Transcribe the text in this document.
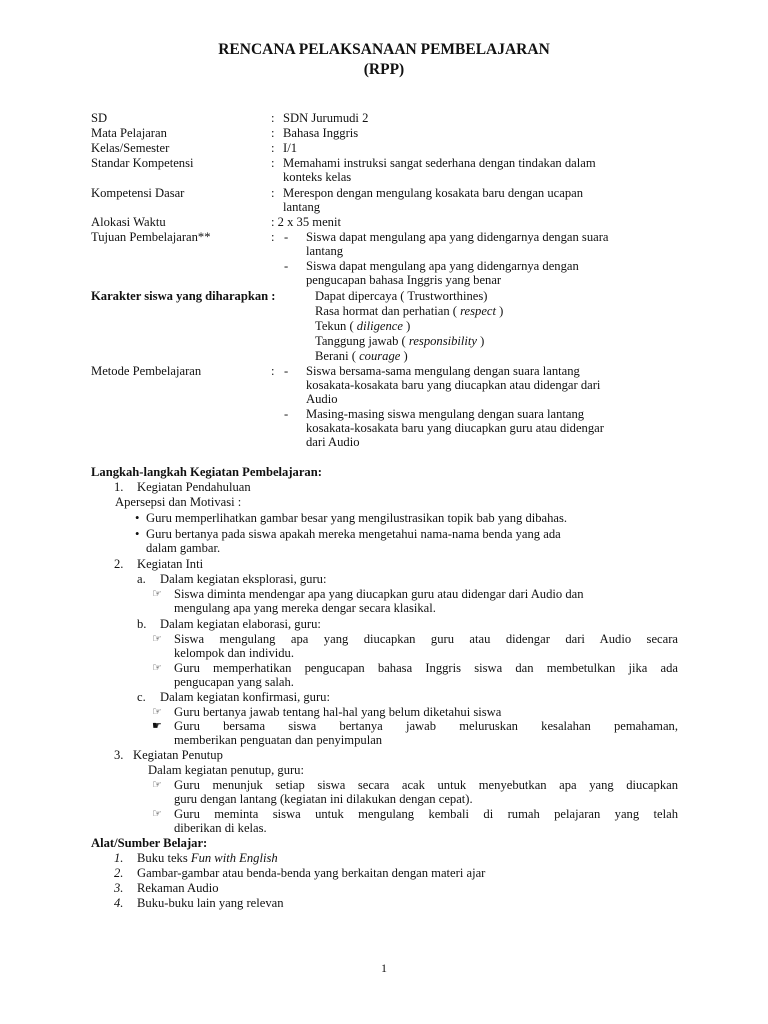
RENCANA PELAKSANAAN PEMBELAJARAN
(RPP)
SD	: SDN Jurumudi 2
Mata Pelajaran	: Bahasa Inggris
Kelas/Semester	: I/1
Standar Kompetensi	: Memahami instruksi sangat sederhana dengan tindakan dalam
konteks kelas
Kompetensi Dasar	: Merespon dengan mengulang kosakata baru dengan ucapan
lantang
Alokasi Waktu	: 2 x 35 menit
Tujuan Pembelajaran**	: - Siswa dapat mengulang apa yang didengarnya dengan suara
lantang
- Siswa dapat mengulang apa yang didengarnya dengan
pengucapan bahasa Inggris yang benar
Karakter siswa yang diharapkan :	Dapat dipercaya ( Trustworthines)
Rasa hormat dan perhatian ( respect )
Tekun ( diligence )
Tanggung jawab ( responsibility )
Berani ( courage )
Metode Pembelajaran	: - Siswa bersama-sama mengulang dengan suara lantang
kosakata-kosakata baru yang diucapkan atau didengar dari
Audio
- Masing-masing siswa mengulang dengan suara lantang
kosakata-kosakata baru yang diucapkan guru atau didengar
dari Audio
Langkah-langkah Kegiatan Pembelajaran:
1. Kegiatan Pendahuluan
Apersepsi dan Motivasi :
• Guru memperlihatkan gambar besar yang mengilustrasikan topik bab yang dibahas.
• Guru bertanya pada siswa apakah mereka mengetahui nama-nama benda yang ada
dalam gambar.
2. Kegiatan Inti
a. Dalam kegiatan eksplorasi, guru:
☞ Siswa diminta mendengar apa yang diucapkan guru atau didengar dari Audio dan
mengulang apa yang mereka dengar secara klasikal.
b. Dalam kegiatan elaborasi, guru:
☞ Siswa mengulang apa yang diucapkan guru atau didengar dari Audio secara
kelompok dan individu.
☞ Guru memperhatikan pengucapan bahasa Inggris siswa dan membetulkan jika ada
pengucapan yang salah.
c. Dalam kegiatan konfirmasi, guru:
☞ Guru bertanya jawab tentang hal-hal yang belum diketahui siswa
☛ Guru bersama siswa bertanya jawab meluruskan kesalahan pemahaman,
memberikan penguatan dan penyimpulan
3. Kegiatan Penutup
Dalam kegiatan penutup, guru:
☞ Guru menunjuk setiap siswa secara acak untuk menyebutkan apa yang diucapkan
guru dengan lantang (kegiatan ini dilakukan dengan cepat).
☞ Guru meminta siswa untuk mengulang kembali di rumah pelajaran yang telah
diberikan di kelas.
Alat/Sumber Belajar:
1. Buku teks Fun with English
2. Gambar-gambar atau benda-benda yang berkaitan dengan materi ajar
3. Rekaman Audio
4. Buku-buku lain yang relevan
1
